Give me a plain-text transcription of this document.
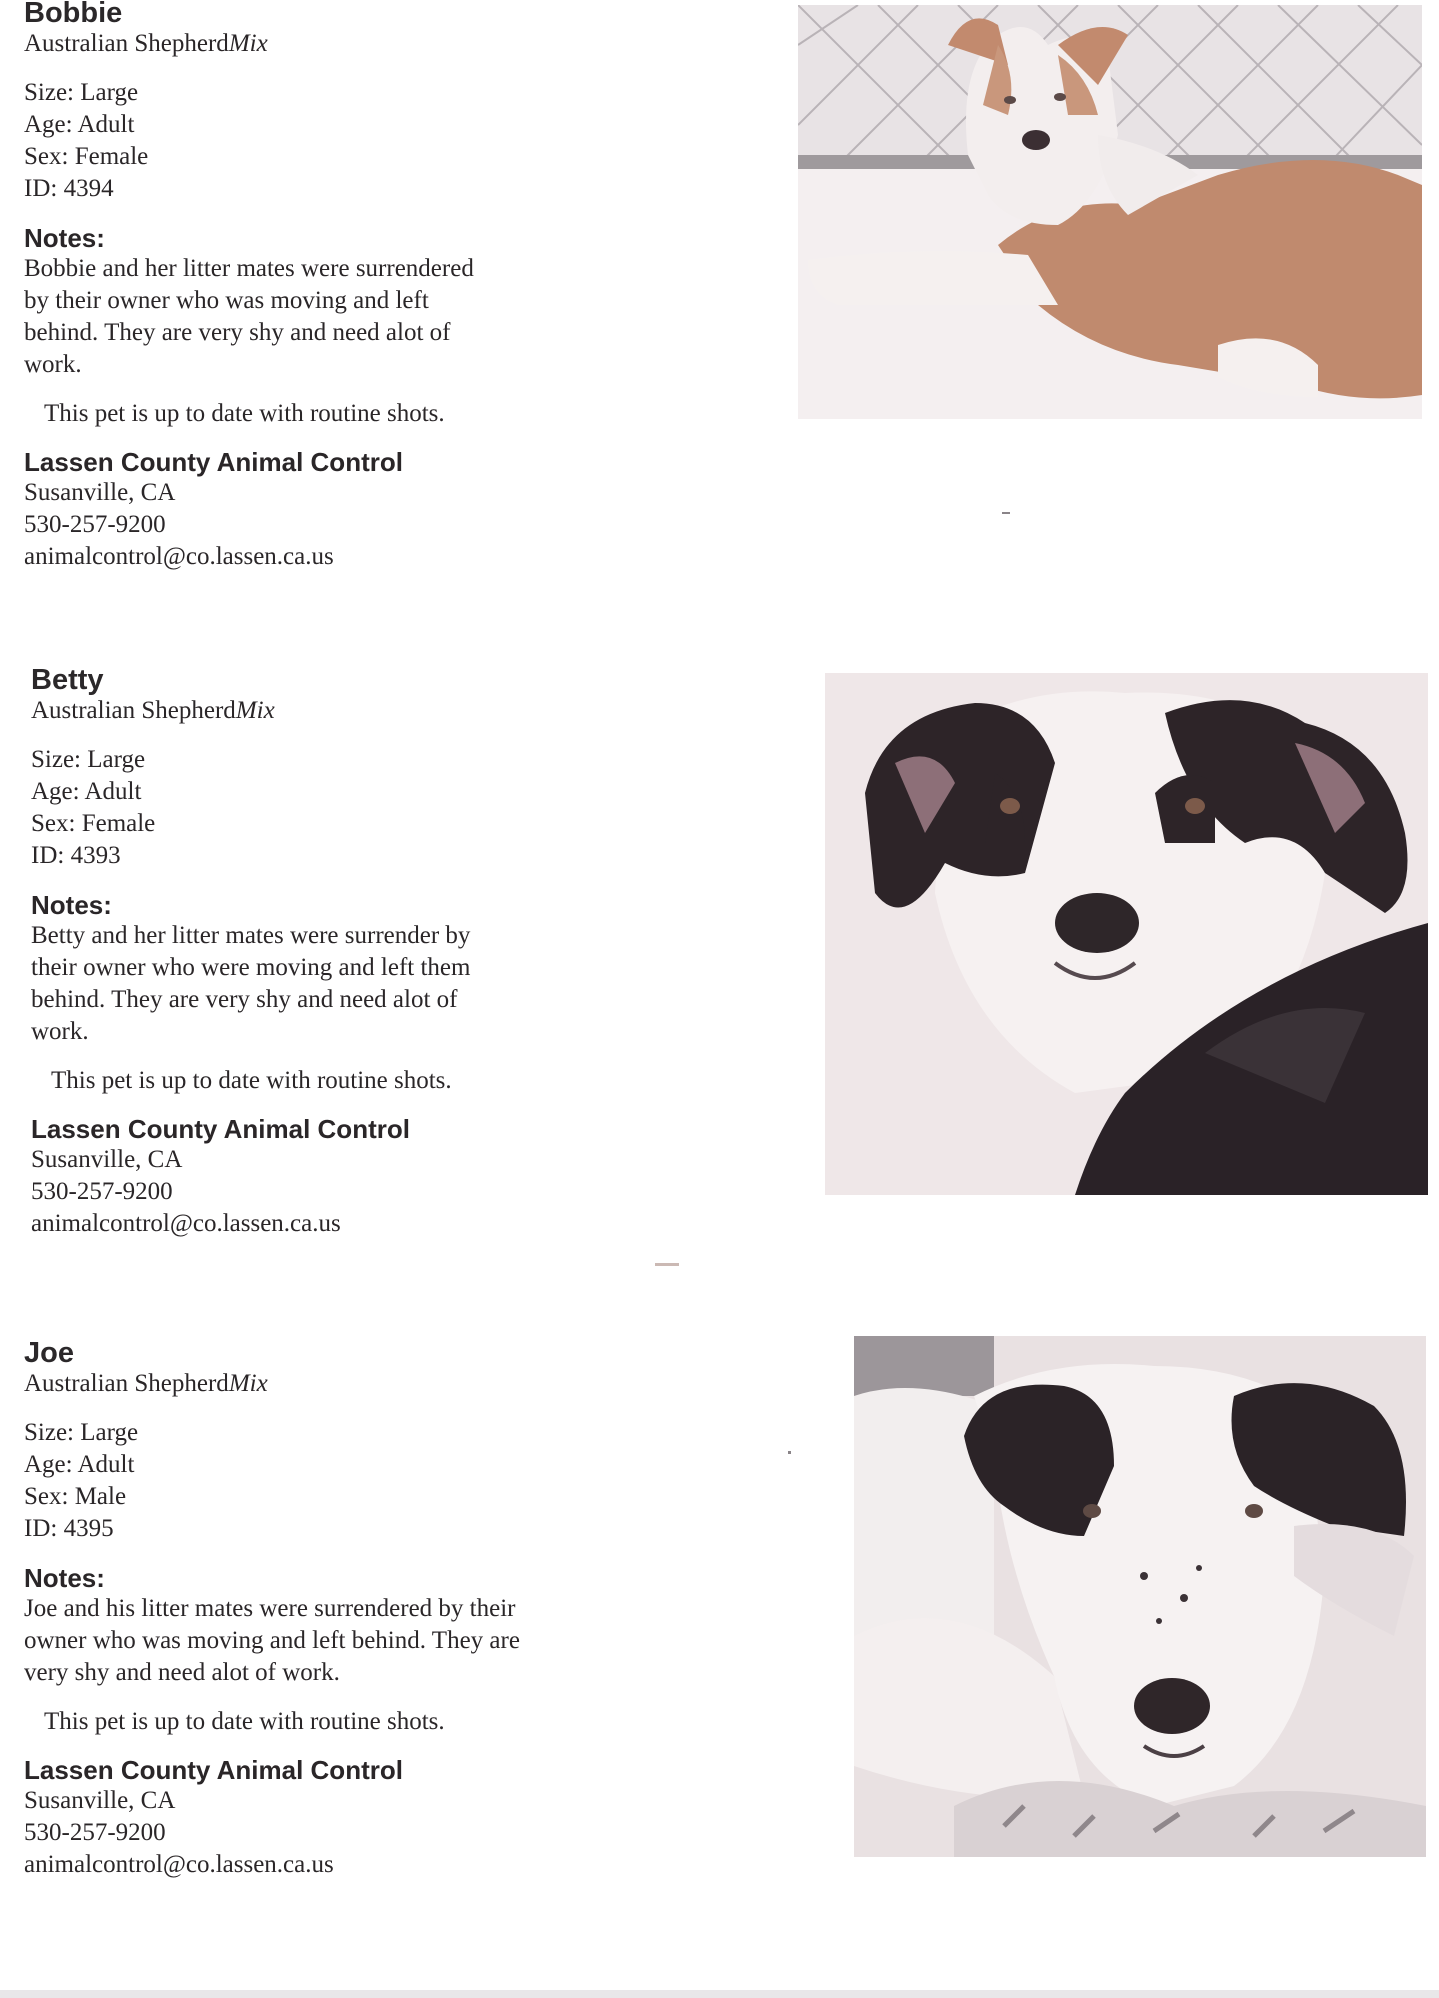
Bobbie
Australian ShepherdMix
Size: Large
Age: Adult
Sex: Female
ID: 4394
Notes:
Bobbie and her litter mates were surrendered by their owner who was moving and left behind. They are very shy and need alot of work.
This pet is up to date with routine shots.
Lassen County Animal Control
Susanville, CA
530-257-9200
animalcontrol@co.lassen.ca.us
Betty
Australian ShepherdMix
Size: Large
Age: Adult
Sex: Female
ID: 4393
Notes:
Betty and her litter mates were surrender by their owner who were moving and left them behind. They are very shy and need alot of work.
This pet is up to date with routine shots.
Lassen County Animal Control
Susanville, CA
530-257-9200
animalcontrol@co.lassen.ca.us
Joe
Australian ShepherdMix
Size: Large
Age: Adult
Sex: Male
ID: 4395
Notes:
Joe and his litter mates were surrendered by their owner who was moving and left behind. They are very shy and need alot of work.
This pet is up to date with routine shots.
Lassen County Animal Control
Susanville, CA
530-257-9200
animalcontrol@co.lassen.ca.us
